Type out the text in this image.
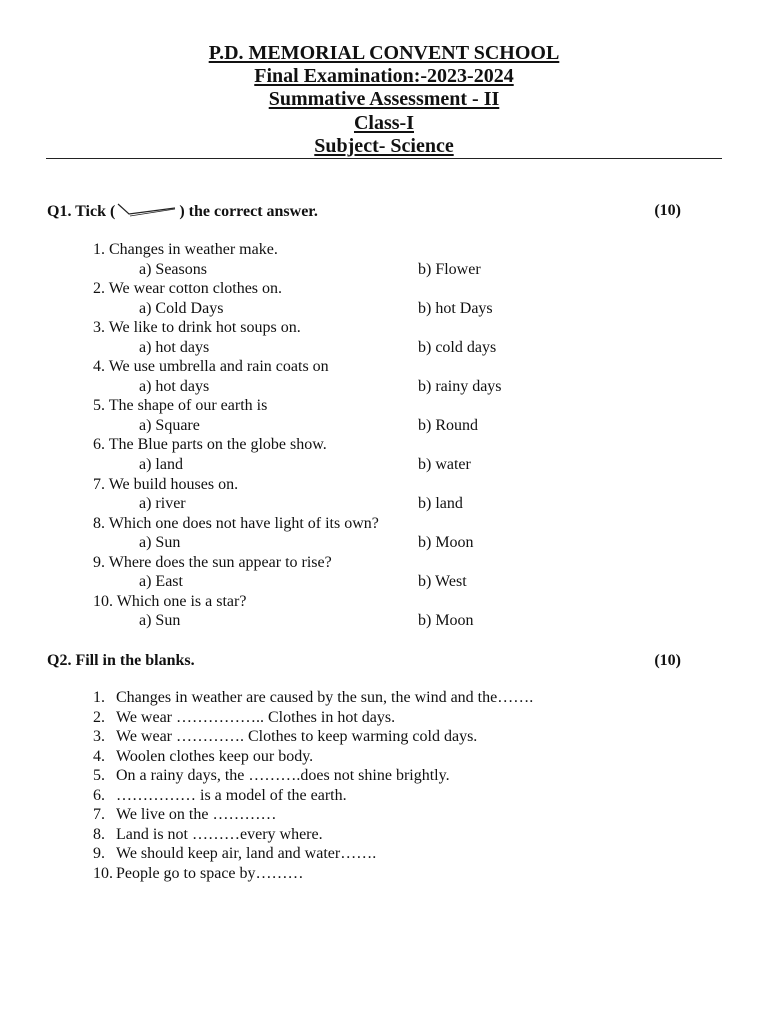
P.D. MEMORIAL CONVENT SCHOOL
Final Examination:-2023-2024
Summative Assessment - II
Class-I
Subject- Science
Q1. Tick (	) the correct answer.	(10)
1. Changes in weather make.
a) Seasons	b) Flower
2. We wear cotton clothes on.
a) Cold Days	b) hot Days
3. We like to drink hot soups on.
a) hot days	b) cold days
4. We use umbrella and rain coats on
a) hot days	b) rainy days
5. The shape of our earth is
a) Square	b) Round
6. The Blue parts on the globe show.
a) land	b) water
7. We build houses on.
a) river	b) land
8. Which one does not have light of its own?
a) Sun	b) Moon
9. Where does the sun appear to rise?
a) East	b) West
10. Which one is a star?
a) Sun	b) Moon
Q2. Fill in the blanks.	(10)
1. Changes in weather are caused by the sun, the wind and the…….
2. We wear …………….. Clothes in hot days.
3. We wear …………. Clothes to keep warming cold days.
4. Woolen clothes keep our body.
5. On a rainy days, the ……….does not shine brightly.
6. …………… is a model of the earth.
7. We live on the …………
8. Land is not ………every where.
9. We should keep air, land and water…….
10. People go to space by………
